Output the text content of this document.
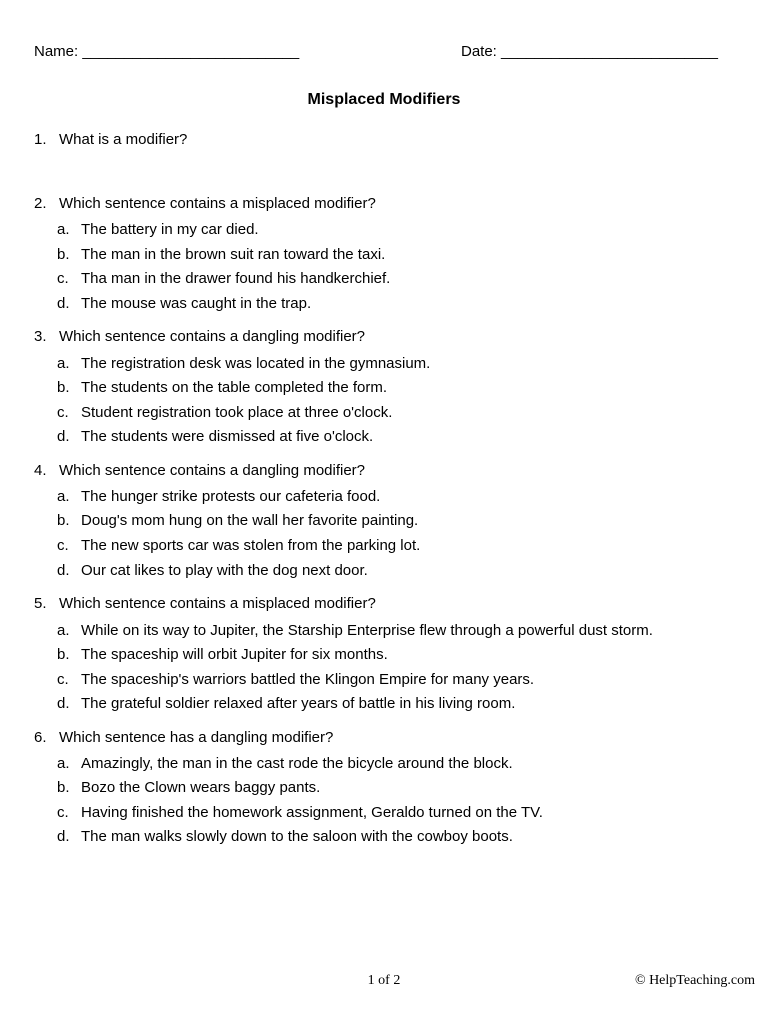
Name: __________________________	Date: __________________________
Misplaced Modifiers
1. What is a modifier?
2. Which sentence contains a misplaced modifier?
a. The battery in my car died.
b. The man in the brown suit ran toward the taxi.
c. Tha man in the drawer found his handkerchief.
d. The mouse was caught in the trap.
3. Which sentence contains a dangling modifier?
a. The registration desk was located in the gymnasium.
b. The students on the table completed the form.
c. Student registration took place at three o'clock.
d. The students were dismissed at five o'clock.
4. Which sentence contains a dangling modifier?
a. The hunger strike protests our cafeteria food.
b. Doug's mom hung on the wall her favorite painting.
c. The new sports car was stolen from the parking lot.
d. Our cat likes to play with the dog next door.
5. Which sentence contains a misplaced modifier?
a. While on its way to Jupiter, the Starship Enterprise flew through a powerful dust storm.
b. The spaceship will orbit Jupiter for six months.
c. The spaceship's warriors battled the Klingon Empire for many years.
d. The grateful soldier relaxed after years of battle in his living room.
6. Which sentence has a dangling modifier?
a. Amazingly, the man in the cast rode the bicycle around the block.
b. Bozo the Clown wears baggy pants.
c. Having finished the homework assignment, Geraldo turned on the TV.
d. The man walks slowly down to the saloon with the cowboy boots.
1 of 2	© HelpTeaching.com
